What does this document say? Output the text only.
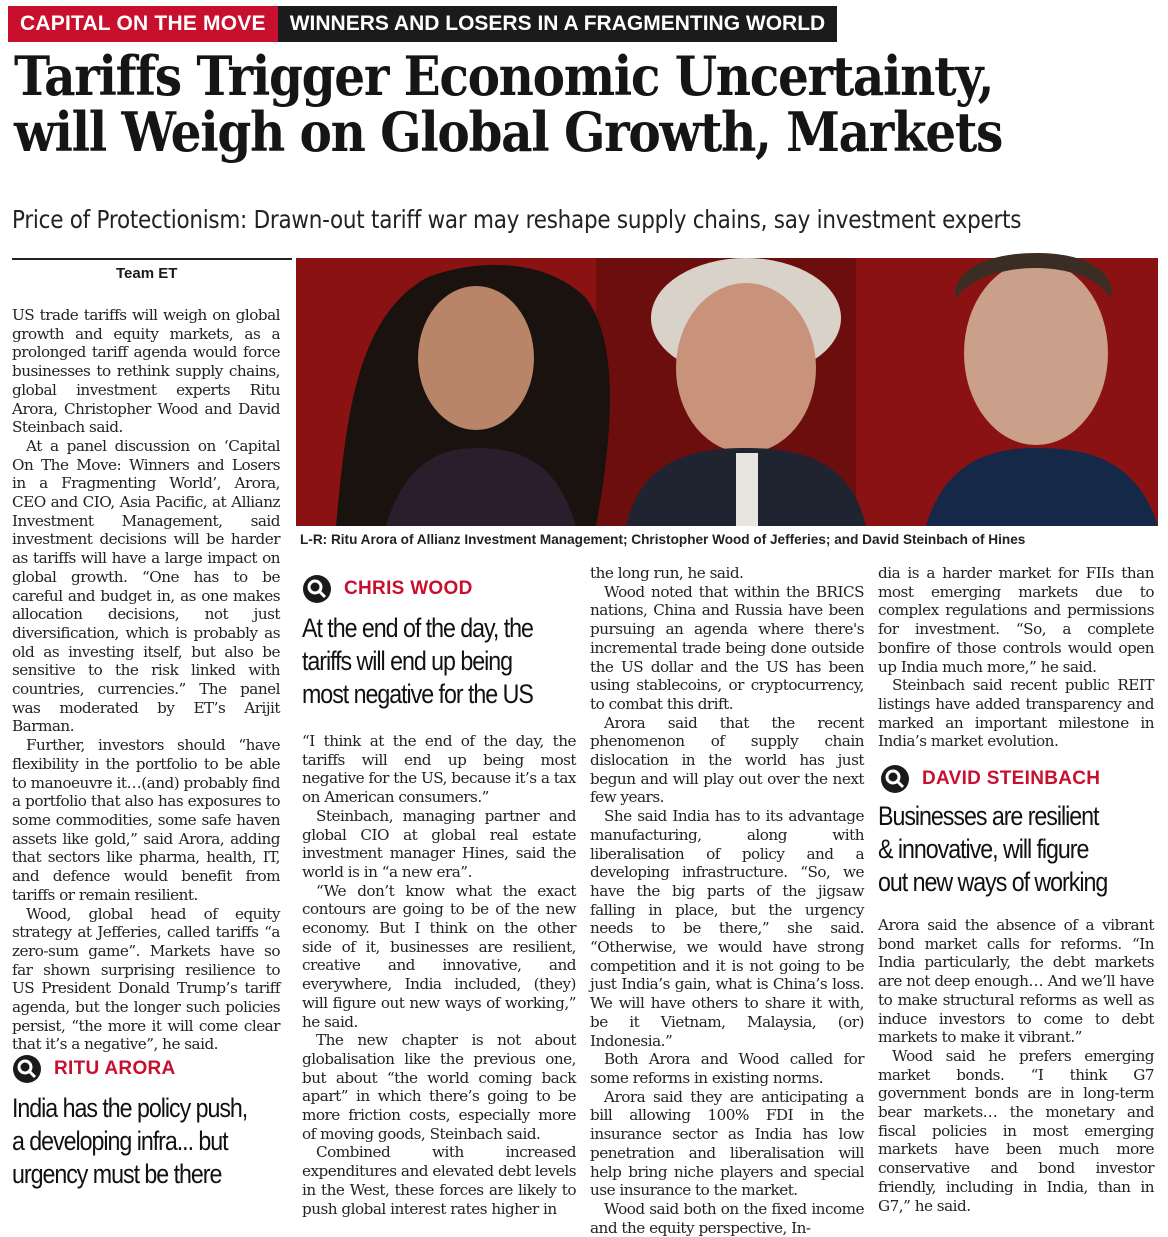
CAPITAL ON THE MOVE	WINNERS AND LOSERS IN A FRAGMENTING WORLD
Tariffs Trigger Economic Uncertainty,
will Weigh on Global Growth, Markets
Price of Protectionism: Drawn-out tariff war may reshape supply chains, say investment experts
Team ET

US trade tariffs will weigh on global growth and equity markets, as a prolonged tariff agenda would force businesses to rethink supply chains, global investment experts Ritu Arora, Christopher Wood and David Steinbach said.

At a panel discussion on ‘Capital On The Move: Winners and Losers in a Fragmenting World’, Arora, CEO and CIO, Asia Pacific, at Allianz Investment Management, said investment decisions will be harder as tariffs will have a large impact on global growth. “One has to be careful and budget in, as one makes allocation decisions, not just diversification, which is probably as old as investing itself, but also be sensitive to the risk linked with countries, currencies.” The panel was moderated by ET’s Arijit Barman.

Further, investors should “have flexibility in the portfolio to be able to manoeuvre it…(and) probably find a portfolio that also has exposures to some commodities, some safe haven assets like gold,” said Arora, adding that sectors like pharma, health, IT, and defence would benefit from tariffs or remain resilient.

Wood, global head of equity strategy at Jefferies, called tariffs “a zero-sum game”. Markets have so far shown surprising resilience to US President Donald Trump’s tariff agenda, but the longer such policies persist, “the more it will come clear that it’s a negative”, he said.

RITU ARORA
India has the policy push,
a developing infra... but
urgency must be there
L-R: Ritu Arora of Allianz Investment Management; Christopher Wood of Jefferies; and David Steinbach of Hines
CHRIS WOOD
At the end of the day, the
tariffs will end up being
most negative for the US

“I think at the end of the day, the tariffs will end up being most negative for the US, because it’s a tax on American consumers.”

Steinbach, managing partner and global CIO at global real estate investment manager Hines, said the world is in “a new era”.

“We don’t know what the exact contours are going to be of the new economy. But I think on the other side of it, businesses are resilient, creative and innovative, and everywhere, India included, (they) will figure out new ways of working,” he said.

The new chapter is not about globalisation like the previous one, but about “the world coming back apart” in which there’s going to be more friction costs, especially more of moving goods, Steinbach said.

Combined with increased expenditures and elevated debt levels in the West, these forces are likely to push global interest rates higher in

the long run, he said.

Wood noted that within the BRICS nations, China and Russia have been pursuing an agenda where there's incremental trade being done outside the US dollar and the US has been using stablecoins, or cryptocurrency, to combat this drift.

Arora said that the recent phenomenon of supply chain dislocation in the world has just begun and will play out over the next few years.

She said India has to its advantage manufacturing, along with liberalisation of policy and a developing infrastructure. “So, we have the big parts of the jigsaw falling in place, but the urgency needs to be there,” she said. “Otherwise, we would have strong competition and it is not going to be just India’s gain, what is China’s loss. We will have others to share it with, be it Vietnam, Malaysia, (or) Indonesia.”

Both Arora and Wood called for some reforms in existing norms.

Arora said they are anticipating a bill allowing 100% FDI in the insurance sector as India has low penetration and liberalisation will help bring niche players and special use insurance to the market.

Wood said both on the fixed income and the equity perspective, In-

dia is a harder market for FIIs than most emerging markets due to complex regulations and permissions for investment. “So, a complete bonfire of those controls would open up India much more,” he said.

Steinbach said recent public REIT listings have added transparency and marked an important milestone in India’s market evolution.

DAVID STEINBACH
Businesses are resilient
& innovative, will figure
out new ways of working

Arora said the absence of a vibrant bond market calls for reforms. “In India particularly, the debt markets are not deep enough… And we’ll have to make structural reforms as well as induce investors to come to debt markets to make it vibrant.”

Wood said he prefers emerging market bonds. “I think G7 government bonds are in long-term bear markets… the monetary and fiscal policies in most emerging markets have been much more conservative and bond investor friendly, including in India, than in G7,” he said.
